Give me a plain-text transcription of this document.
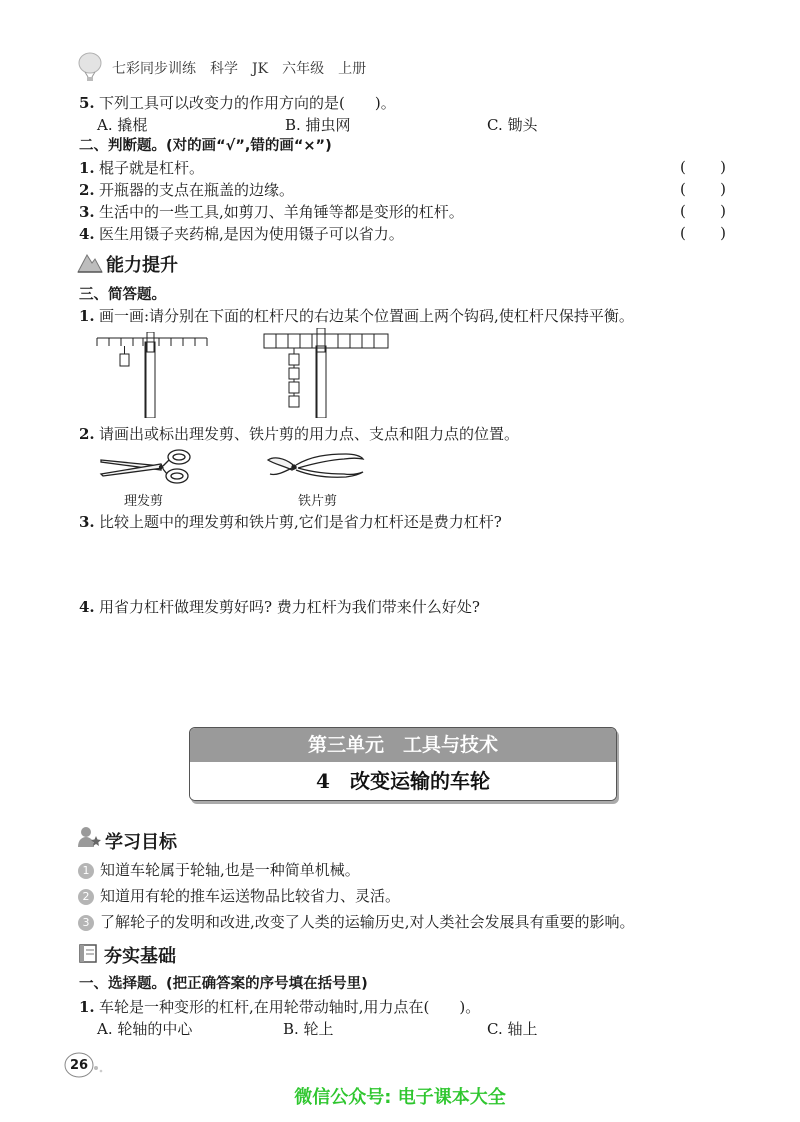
七彩同步训练　科学　JK　六年级　上册
5. 下列工具可以改变力的作用方向的是(　　)。
A. 撬棍	B. 捕虫网	C. 锄头
二、判断题。(对的画“√”,错的画“×”)
1. 棍子就是杠杆。	( )
2. 开瓶器的支点在瓶盖的边缘。	( )
3. 生活中的一些工具,如剪刀、羊角锤等都是变形的杠杆。	( )
4. 医生用镊子夹药棉,是因为使用镊子可以省力。	( )
能力提升
三、简答题。
1. 画一画:请分别在下面的杠杆尺的右边某个位置画上两个钩码,使杠杆尺保持平衡。
2. 请画出或标出理发剪、铁片剪的用力点、支点和阻力点的位置。
理发剪	铁片剪
3. 比较上题中的理发剪和铁片剪,它们是省力杠杆还是费力杠杆?
4. 用省力杠杆做理发剪好吗? 费力杠杆为我们带来什么好处?
第三单元　工具与技术
4　改变运输的车轮
学习目标
1 知道车轮属于轮轴,也是一种简单机械。
2 知道用有轮的推车运送物品比较省力、灵活。
3 了解轮子的发明和改进,改变了人类的运输历史,对人类社会发展具有重要的影响。
夯实基础
一、选择题。(把正确答案的序号填在括号里)
1. 车轮是一种变形的杠杆,在用轮带动轴时,用力点在(　　)。
A. 轮轴的中心	B. 轮上	C. 轴上
26
微信公众号: 电子课本大全
